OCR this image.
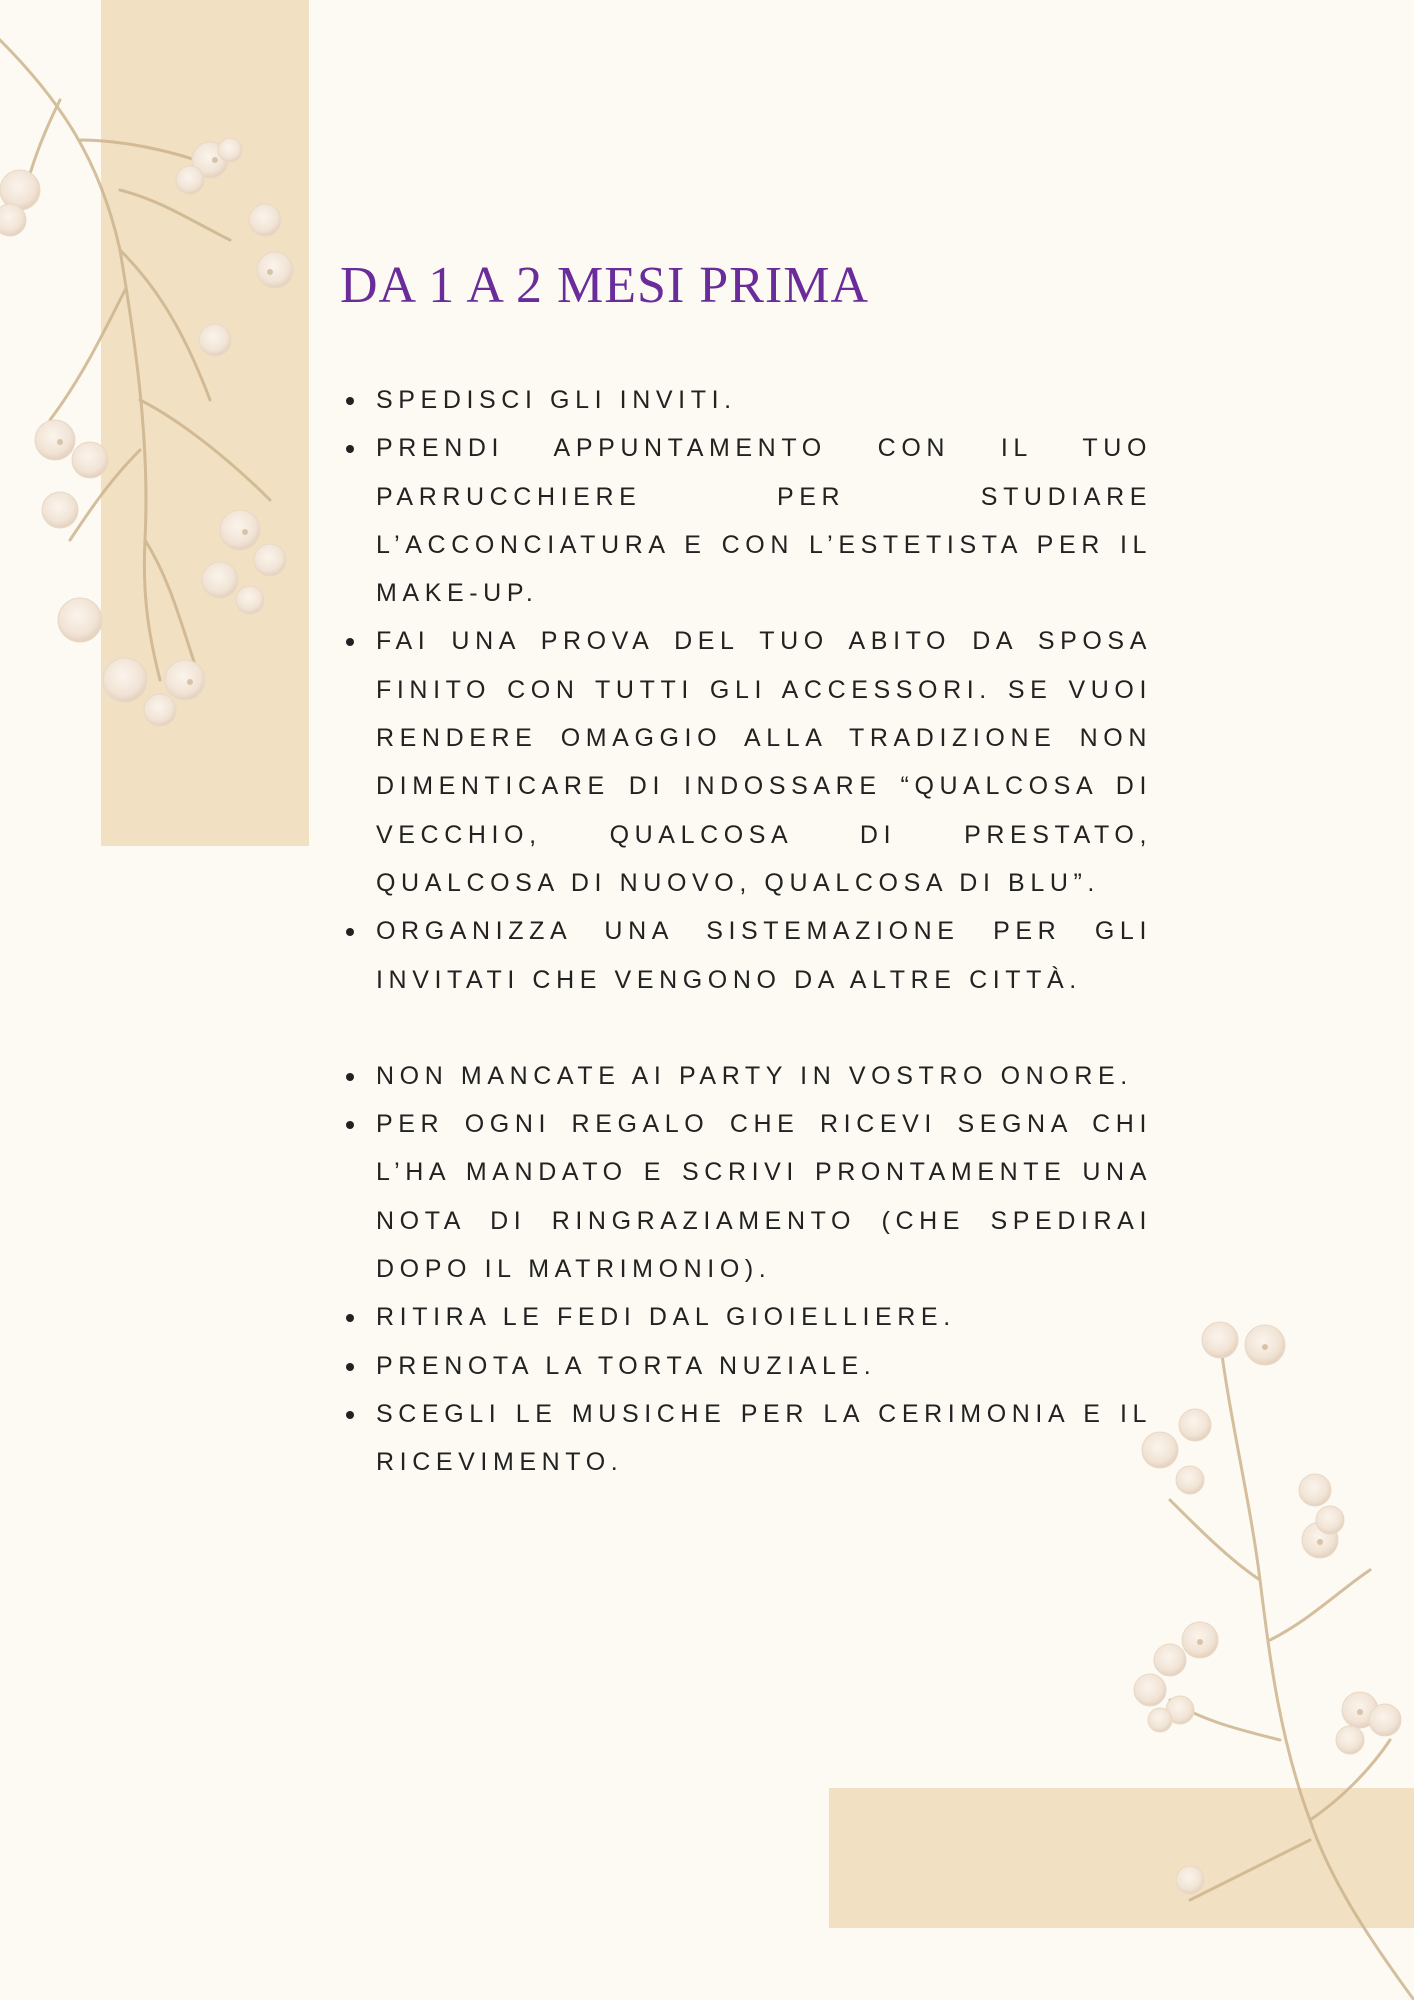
DA 1 A 2 MESI PRIMA
SPEDISCI GLI INVITI.
PRENDI APPUNTAMENTO CON IL TUO PARRUCCHIERE PER STUDIARE L’ACCONCIATURA E CON L’ESTETISTA PER IL MAKE-UP.
FAI UNA PROVA DEL TUO ABITO DA SPOSA FINITO CON TUTTI GLI ACCESSORI. SE VUOI RENDERE OMAGGIO ALLA TRADIZIONE NON DIMENTICARE DI INDOSSARE “QUALCOSA DI VECCHIO, QUALCOSA DI PRESTATO, QUALCOSA DI NUOVO, QUALCOSA DI BLU”.
ORGANIZZA UNA SISTEMAZIONE PER GLI INVITATI CHE VENGONO DA ALTRE CITTÀ.
NON MANCATE AI PARTY IN VOSTRO ONORE.
PER OGNI REGALO CHE RICEVI SEGNA CHI L’HA MANDATO E SCRIVI PRONTAMENTE UNA NOTA DI RINGRAZIAMENTO (CHE SPEDIRAI DOPO IL MATRIMONIO).
RITIRA LE FEDI DAL GIOIELLIERE.
PRENOTA LA TORTA NUZIALE.
SCEGLI LE MUSICHE PER LA CERIMONIA E IL RICEVIMENTO.
